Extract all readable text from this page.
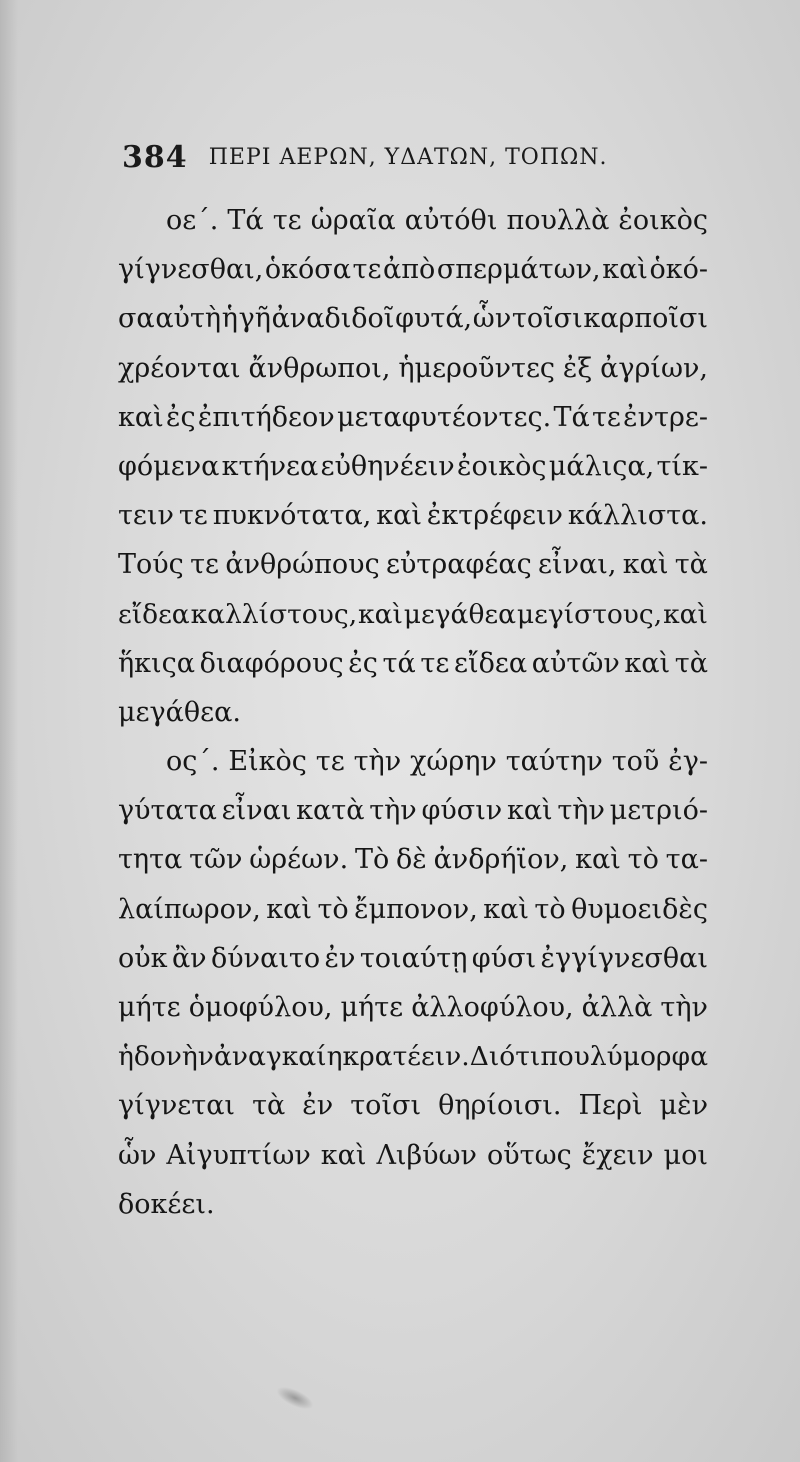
384 ΠΕΡΙ ΑΕΡΩΝ, ΥΔΑΤΩΝ, ΤΟΠΩΝ.
οε΄. Τά τε ὡραῖα αὐτόθι πουλλὰ ἐοικὸς
γίγνεσθαι, ὁκόσα τε ἀπὸ σπερμάτων, καὶ ὁκό-
σα αὐτὴ ἡ γῆ ἀναδιδοῖ φυτά, ὧν τοῖσι καρποῖσι
χρέονται ἄνθρωποι, ἡμεροῦντες ἐξ ἀγρίων,
καὶ ἐς ἐπιτήδεον μεταφυτέοντες. Τά τε ἐντρε-
φόμενα κτήνεα εὐθηνέειν ἐοικὸς μάλιςα, τίκ-
τειν τε πυκνότατα, καὶ ἐκτρέφειν κάλλιστα.
Τούς τε ἀνθρώπους εὐτραφέας εἶναι, καὶ τὰ
εἴδεα καλλίστους, καὶ μεγάθεα μεγίστους, καὶ
ἥκιςα διαφόρους ἐς τά τε εἴδεα αὐτῶν καὶ τὰ
μεγάθεα.
ος΄. Εἰκὸς τε τὴν χώρην ταύτην τοῦ ἐγ-
γύτατα εἶναι κατὰ τὴν φύσιν καὶ τὴν μετριό-
τητα τῶν ὡρέων. Τὸ δὲ ἀνδρήϊον, καὶ τὸ τα-
λαίπωρον, καὶ τὸ ἔμπονον, καὶ τὸ θυμοειδὲς
οὐκ ἂν δύναιτο ἐν τοιαύτῃ φύσι ἐγγίγνεσθαι
μήτε ὁμοφύλου, μήτε ἀλλοφύλου, ἀλλὰ τὴν
ἡδονὴν ἀναγκαίη κρατέειν. Διότι πουλύμορφα
γίγνεται τὰ ἐν τοῖσι θηρίοισι. Περὶ μὲν
ὧν Αἰγυπτίων καὶ Λιβύων οὕτως ἔχειν μοι
δοκέει.
